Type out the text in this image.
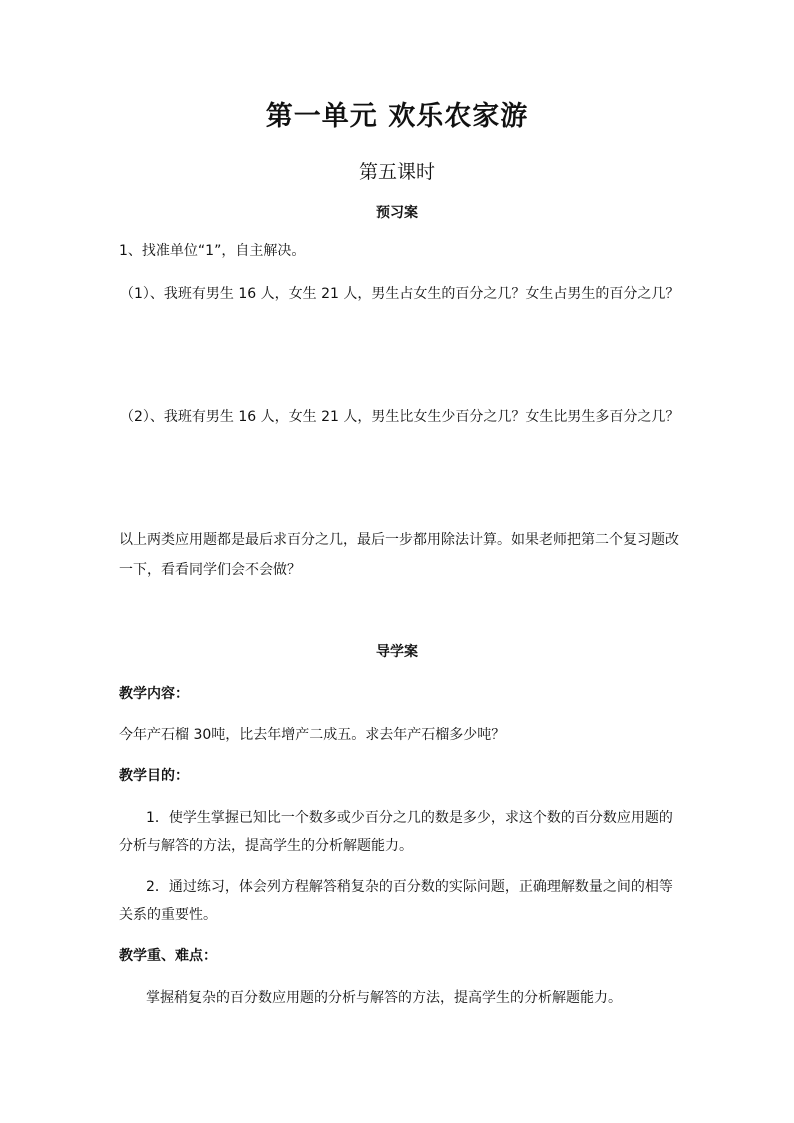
第一单元 欢乐农家游
第五课时
预习案
1、找准单位“1”，自主解决。
（1）、我班有男生 16 人，女生 21 人，男生占女生的百分之几？女生占男生的百分之几？
（2）、我班有男生 16 人，女生 21 人，男生比女生少百分之几？女生比男生多百分之几？
以上两类应用题都是最后求百分之几，最后一步都用除法计算。如果老师把第二个复习题改
一下，看看同学们会不会做？
导学案
教学内容：
今年产石榴 30吨，比去年增产二成五。求去年产石榴多少吨？
教学目的：
1．使学生掌握已知比一个数多或少百分之几的数是多少，求这个数的百分数应用题的
分析与解答的方法，提高学生的分析解题能力。
2．通过练习，体会列方程解答稍复杂的百分数的实际问题，正确理解数量之间的相等
关系的重要性。
教学重、难点：
掌握稍复杂的百分数应用题的分析与解答的方法，提高学生的分析解题能力。
